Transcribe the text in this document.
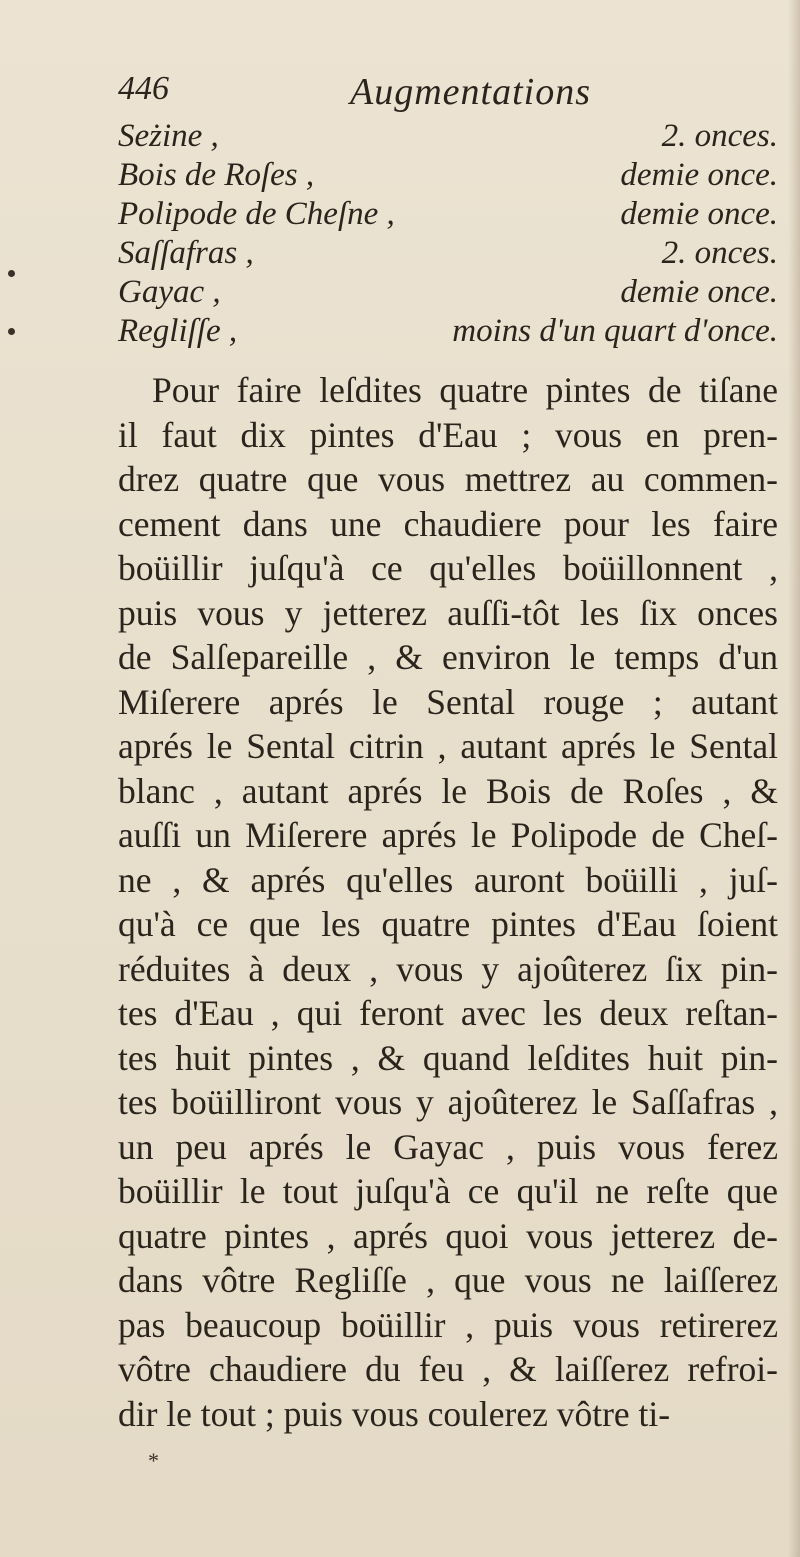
446	Augmentations
Seżine ,	2. onces.
Bois de Roſes ,	demie once.
Polipode de Cheſne ,	demie once.
Saſſafras ,	2. onces.
Gayac ,	demie once.
Regliſſe ,	moins d'un quart d'once.
Pour faire leſdites quatre pintes de tiſane
il faut dix pintes d'Eau ; vous en pren-
drez quatre que vous mettrez au commen-
cement dans une chaudiere pour les faire
boüillir juſqu'à ce qu'elles boüillonnent ,
puis vous y jetterez auſſi-tôt les ſix onces
de Salſepareille , & environ le temps d'un
Miſerere aprés le Sental rouge ; autant
aprés le Sental citrin , autant aprés le Sental
blanc , autant aprés le Bois de Roſes , &
auſſi un Miſerere aprés le Polipode de Cheſ-
ne , & aprés qu'elles auront boüilli , juſ-
qu'à ce que les quatre pintes d'Eau ſoient
réduites à deux , vous y ajoûterez ſix pin-
tes d'Eau , qui feront avec les deux reſtan-
tes huit pintes , & quand leſdites huit pin-
tes boüilliront vous y ajoûterez le Saſſafras ,
un peu aprés le Gayac , puis vous ferez
boüillir le tout juſqu'à ce qu'il ne reſte que
quatre pintes , aprés quoi vous jetterez de-
dans vôtre Regliſſe , que vous ne laiſſerez
pas beaucoup boüillir , puis vous retirerez
vôtre chaudiere du feu , & laiſſerez refroi-
dir le tout ; puis vous coulerez vôtre ti-
*
